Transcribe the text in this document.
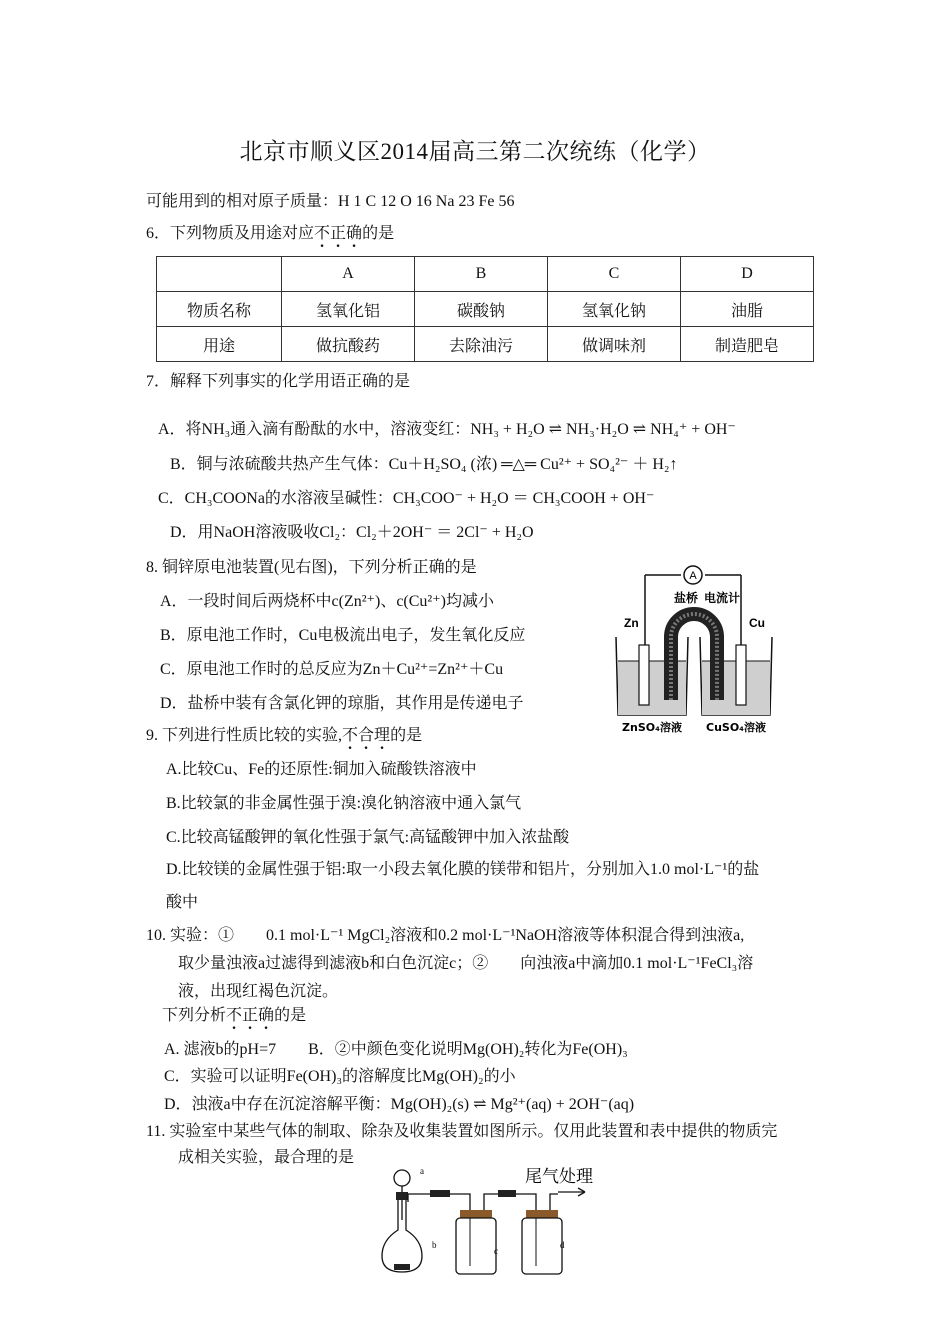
北京市顺义区2014届高三第二次统练（化学）
可能用到的相对原子质量：H 1 C 12 O 16 Na 23 Fe 56
6．下列物质及用途对应不正确的是
	A	B	C	D
物质名称	氢氧化铝	碳酸钠	氢氧化钠	油脂
用途	做抗酸药	去除油污	做调味剂	制造肥皂
7．解释下列事实的化学用语正确的是
A．将NH₃通入滴有酚酞的水中，溶液变红：NH₃ + H₂O ⇌ NH₃·H₂O ⇌ NH₄⁺ + OH⁻
B．铜与浓硫酸共热产生气体：Cu＋H₂SO₄ (浓) ═△═ Cu²⁺ + SO₄²⁻ ＋ H₂↑
C．CH₃COONa的水溶液呈碱性：CH₃COO⁻ + H₂O ＝ CH₃COOH + OH⁻
D．用NaOH溶液吸收Cl₂：Cl₂＋2OH⁻ ＝ 2Cl⁻ + H₂O
8. 铜锌原电池装置(见右图)，下列分析正确的是
A．一段时间后两烧杯中c(Zn²⁺)、c(Cu²⁺)均减小
B．原电池工作时，Cu电极流出电子，发生氧化反应
C．原电池工作时的总反应为Zn＋Cu²⁺=Zn²⁺＋Cu
D．盐桥中装有含氯化钾的琼脂，其作用是传递电子
A
盐桥 电流计
Zn	Cu
ZnSO₄溶液 CuSO₄溶液
9. 下列进行性质比较的实验,不合理的是
A.比较Cu、Fe的还原性:铜加入硫酸铁溶液中
B.比较氯的非金属性强于溴:溴化钠溶液中通入氯气
C.比较高锰酸钾的氧化性强于氯气:高锰酸钾中加入浓盐酸
D.比较镁的金属性强于铝:取一小段去氧化膜的镁带和铝片，分别加入1.0 mol·L⁻¹的盐
酸中
10. 实验：①　　0.1 mol·L⁻¹ MgCl₂溶液和0.2 mol·L⁻¹NaOH溶液等体积混合得到浊液a,
取少量浊液a过滤得到滤液b和白色沉淀c；②　　向浊液a中滴加0.1 mol·L⁻¹FeCl₃溶
液，出现红褐色沉淀。
下列分析不正确的是
A. 滤液b的pH=7　　B．②中颜色变化说明Mg(OH)₂转化为Fe(OH)₃
C．实验可以证明Fe(OH)₃的溶解度比Mg(OH)₂的小
D．浊液a中存在沉淀溶解平衡：Mg(OH)₂(s) ⇌ Mg²⁺(aq) + 2OH⁻(aq)
11. 实验室中某些气体的制取、除杂及收集装置如图所示。仅用此装置和表中提供的物质完
成相关实验，最合理的是
尾气处理
a
b
c
d
